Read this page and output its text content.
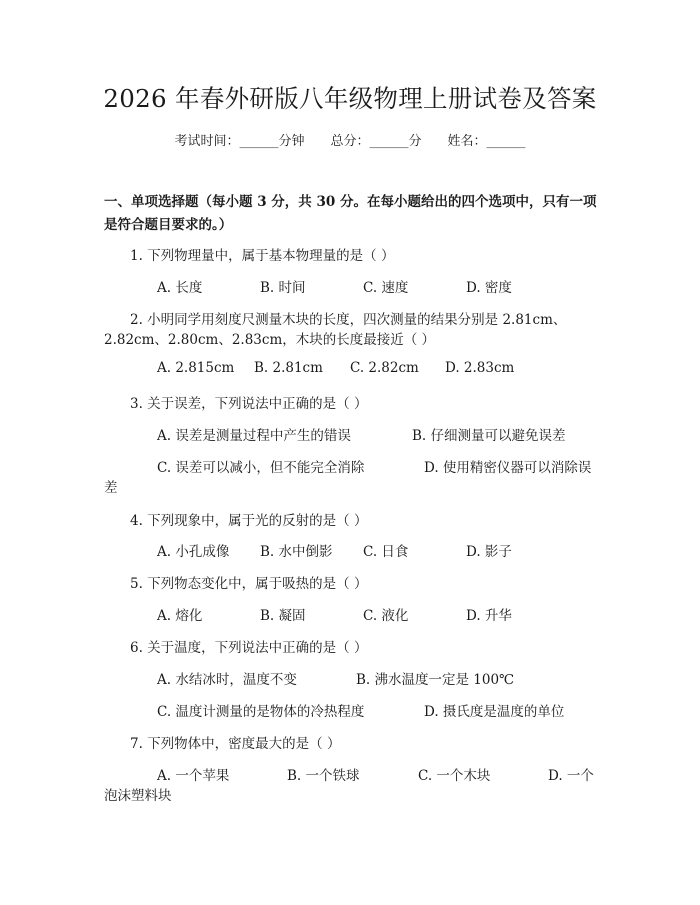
2026 年春外研版八年级物理上册试卷及答案
考试时间：______分钟 总分：______分 姓名：______
一、单项选择题（每小题 3 分，共 30 分。在每小题给出的四个选项中，只有一项是符合题目要求的。）
1. 下列物理量中，属于基本物理量的是（ ）
A. 长度	B. 时间	C. 速度	D. 密度
2. 小明同学用刻度尺测量木块的长度，四次测量的结果分别是 2.81cm、
2.82cm、2.80cm、2.83cm，木块的长度最接近（ ）
A. 2.815cm B. 2.81cm C. 2.82cm D. 2.83cm
3. 关于误差，下列说法中正确的是（ ）
A. 误差是测量过程中产生的错误	B. 仔细测量可以避免误差
C. 误差可以减小，但不能完全消除	D. 使用精密仪器可以消除误
差
4. 下列现象中，属于光的反射的是（ ）
A. 小孔成像 B. 水中倒影 C. 日食	D. 影子
5. 下列物态变化中，属于吸热的是（ ）
A. 熔化	B. 凝固	C. 液化	D. 升华
6. 关于温度，下列说法中正确的是（ ）
A. 水结冰时，温度不变	B. 沸水温度一定是 100℃
C. 温度计测量的是物体的冷热程度	D. 摄氏度是温度的单位
7. 下列物体中，密度最大的是（ ）
A. 一个苹果	B. 一个铁球	C. 一个木块	D. 一个
泡沫塑料块
